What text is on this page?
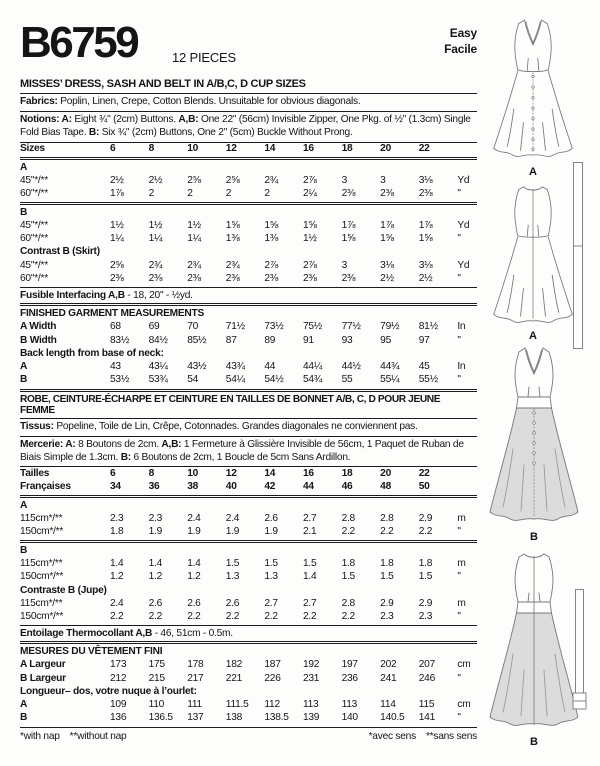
B6759	12 PIECES
Easy
Facile
MISSES’ DRESS, SASH AND BELT IN A/B,C, D CUP SIZES

Fabrics: Poplin, Linen, Crepe, Cotton Blends. Unsuitable for obvious diagonals.

Notions: A: Eight ¾" (2cm) Buttons. A,B: One 22" (56cm) Invisible Zipper, One Pkg. of ½" (1.3cm) Single Fold Bias Tape. B: Six ¾" (2cm) Buttons, One 2" (5cm) Buckle Without Prong.

Sizes	6	8	10	12	14	16	18	20	22
A
45"*/**	2½	2½	2⅝	2⅝	2¾	2⅞	3	3	3⅛	Yd
60"*/**	1⅞	2	2	2	2	2¼	2⅜	2⅜	2⅜	"
B
45"*/**	1½	1½	1½	1⅝	1⅝	1⅝	1⅞	1⅞	1⅞	Yd
60"*/**	1¼	1¼	1¼	1⅜	1⅜	1½	1⅝	1⅝	1⅝	"
Contrast B (Skirt)
45"*/**	2⅝	2¾	2¾	2¾	2⅞	2⅞	3	3⅛	3⅛	Yd
60"*/**	2⅜	2⅜	2⅜	2⅜	2⅜	2⅜	2⅜	2½	2½	"
Fusible Interfacing A,B - 18, 20" - ½yd.
FINISHED GARMENT MEASUREMENTS
A Width	68	69	70	71½	73½	75½	77½	79½	81½	In
B Width	83½	84½	85½	87	89	91	93	95	97	"
Back length from base of neck:
A	43	43¼	43½	43¾	44	44¼	44½	44¾	45	In
B	53½	53¾	54	54¼	54½	54¾	55	55¼	55½	"
ROBE, CEINTURE-ÉCHARPE ET CEINTURE EN TAILLES DE BONNET A/B, C, D POUR JEUNE FEMME

Tissus: Popeline, Toile de Lin, Crêpe, Cotonnades. Grandes diagonales ne conviennent pas.

Mercerie: A: 8 Boutons de 2cm. A,B: 1 Fermeture à Glissière Invisible de 56cm, 1 Paquet de Ruban de Biais Simple de 1.3cm. B: 6 Boutons de 2cm, 1 Boucle de 5cm Sans Ardillon.

Tailles	6	8	10	12	14	16	18	20	22
Françaises	34	36	38	40	42	44	46	48	50
A
115cm*/**	2.3	2.3	2.4	2.4	2.6	2.7	2.8	2.8	2.9	m
150cm*/**	1.8	1.9	1.9	1.9	1.9	2.1	2.2	2.2	2.2	"
B
115cm*/**	1.4	1.4	1.4	1.5	1.5	1.5	1.8	1.8	1.8	m
150cm*/**	1.2	1.2	1.2	1.3	1.3	1.4	1.5	1.5	1.5	"
Contraste B (Jupe)
115cm*/**	2.4	2.6	2.6	2.6	2.7	2.7	2.8	2.9	2.9	m
150cm*/**	2.2	2.2	2.2	2.2	2.2	2.2	2.2	2.3	2.3	"
Entoilage Thermocollant A,B - 46, 51cm - 0.5m.
MESURES DU VÊTEMENT FINI
A Largeur	173	175	178	182	187	192	197	202	207	cm
B Largeur	212	215	217	221	226	231	236	241	246	"
Longueur– dos, votre nuque à l’ourlet:
A	109	110	111	111.5	112	113	113	114	115	cm
B	136	136.5	137	138	138.5	139	140	140.5	141	"
*with nap **without nap	*avec sens **sans sens
A
A
B
B
